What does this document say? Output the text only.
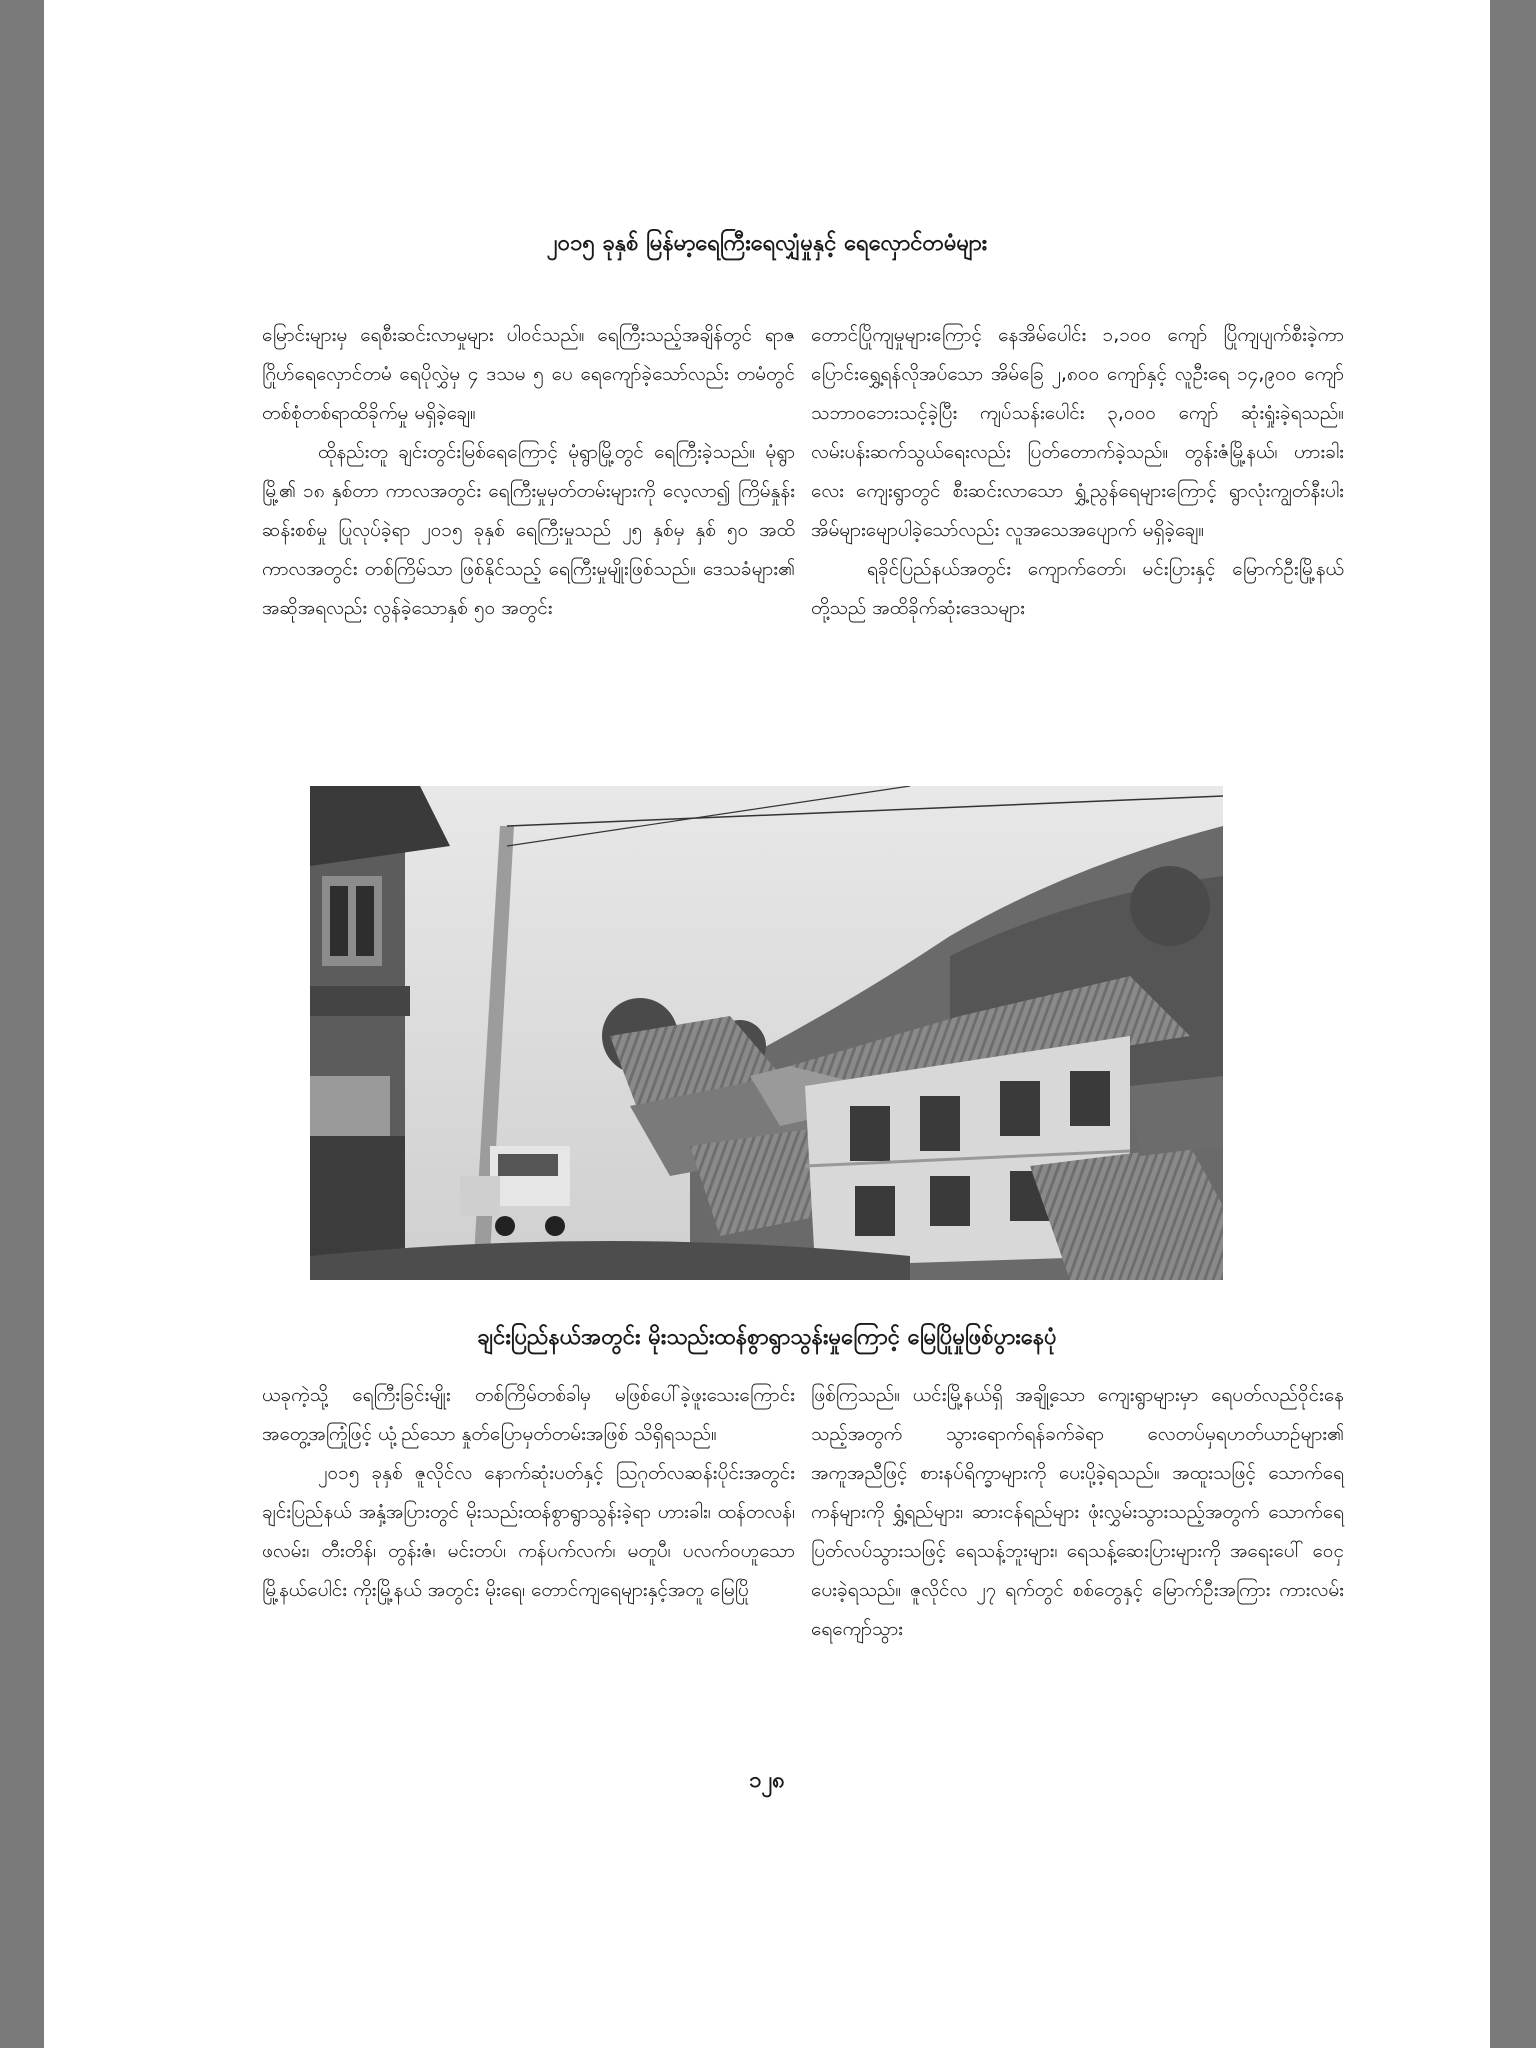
၂၀၁၅ ခုနှစ် မြန်မာ့ရေကြီးရေလျှံမှုနှင့် ရေလှောင်တမံများ

မြောင်းများမှ ရေစီးဆင်းလာမှုများ ပါဝင်သည်။ ရေကြီးသည့်အချိန်တွင် ရာဇဂြိုဟ်ရေလှောင်တမံ ရေပိုလွှဲမှ ၄ ဒသမ ၅ ပေ ရေကျော်ခဲ့သော်လည်း တမံတွင် တစ်စုံတစ်ရာထိခိုက်မှု မရှိခဲ့ချေ။

ထိုနည်းတူ ချင်းတွင်းမြစ်ရေကြောင့် မုံရွာမြို့တွင် ရေကြီးခဲ့သည်။ မုံရွာမြို့၏ ၁၈ နှစ်တာ ကာလအတွင်း ရေကြီးမှုမှတ်တမ်းများကို လေ့လာ၍ ကြိမ်နှုန်းဆန်းစစ်မှု ပြုလုပ်ခဲ့ရာ ၂၀၁၅ ခုနှစ် ရေကြီးမှုသည် ၂၅ နှစ်မှ နှစ် ၅၀ အထိ ကာလအတွင်း တစ်ကြိမ်သာ ဖြစ်နိုင်သည့် ရေကြီးမှုမျိုးဖြစ်သည်။ ဒေသခံများ၏ အဆိုအရလည်း လွန်ခဲ့သောနှစ် ၅၀ အတွင်း

တောင်ပြိုကျမှုများကြောင့် နေအိမ်ပေါင်း ၁,၁၀၀ ကျော် ပြိုကျပျက်စီးခဲ့ကာ ပြောင်းရွှေ့ရန်လိုအပ်သော အိမ်ခြေ ၂,၈၀၀ ကျော်နှင့် လူဦးရေ ၁၄,၉၀၀ ကျော် သဘာဝဘေးသင့်ခဲ့ပြီး ကျပ်သန်းပေါင်း ၃,၀၀၀ ကျော် ဆုံးရှုံးခဲ့ရသည်။ လမ်းပန်းဆက်သွယ်ရေးလည်း ပြတ်တောက်ခဲ့သည်။ တွန်းဇံမြို့နယ်၊ ဟားခါးလေး ကျေးရွာတွင် စီးဆင်းလာသော ရွှံ့ညွန်ရေများကြောင့် ရွာလုံးကျွတ်နီးပါး အိမ်များမျောပါခဲ့သော်လည်း လူအသေအပျောက် မရှိခဲ့ချေ။

ရခိုင်ပြည်နယ်အတွင်း ကျောက်တော်၊ မင်းပြားနှင့် မြောက်ဦးမြို့နယ်တို့သည် အထိခိုက်ဆုံးဒေသများ

ချင်းပြည်နယ်အတွင်း မိုးသည်းထန်စွာရွာသွန်းမှုကြောင့် မြေပြိုမှုဖြစ်ပွားနေပုံ

ယခုကဲ့သို့ ရေကြီးခြင်းမျိုး တစ်ကြိမ်တစ်ခါမှ မဖြစ်ပေါ်ခဲ့ဖူးသေးကြောင်း အတွေ့အကြုံဖြင့် ယုံ့ည်သော နှုတ်ပြောမှတ်တမ်းအဖြစ် သိရှိရသည်။

၂၀၁၅ ခုနှစ် ဇူလိုင်လ နောက်ဆုံးပတ်နှင့် ဩဂုတ်လဆန်းပိုင်းအတွင်း ချင်းပြည်နယ် အနှံ့အပြားတွင် မိုးသည်းထန်စွာရွာသွန်းခဲ့ရာ ဟားခါး၊ ထန်တလန်၊ ဖလမ်း၊ တီးတိန်၊ တွန်းဇံ၊ မင်းတပ်၊ ကန်ပက်လက်၊ မတူပီ၊ ပလက်ဝဟူသော မြို့နယ်ပေါင်း ကိုးမြို့နယ် အတွင်း မိုးရေ၊ တောင်ကျရေများနှင့်အတူ မြေပြို

ဖြစ်ကြသည်။ ယင်းမြို့နယ်ရှိ အချို့သော ကျေးရွာများမှာ ရေပတ်လည်ဝိုင်းနေသည့်အတွက် သွားရောက်ရန်ခက်ခဲရာ လေတပ်မှရဟတ်ယာဉ်များ၏ အကူအညီဖြင့် စားနပ်ရိက္ခာများကို ပေးပို့ခဲ့ရသည်။ အထူးသဖြင့် သောက်ရေကန်များကို ရွှံ့ရည်များ၊ ဆားငန်ရည်များ ဖုံးလွှမ်းသွားသည့်အတွက် သောက်ရေပြတ်လပ်သွားသဖြင့် ရေသန့်ဘူးများ၊ ရေသန့်ဆေးပြားများကို အရေးပေါ် ဝေငှပေးခဲ့ရသည်။ ဇူလိုင်လ ၂၇ ရက်တွင် စစ်တွေနှင့် မြောက်ဦးအကြား ကားလမ်းရေကျော်သွား

၁၂၈
